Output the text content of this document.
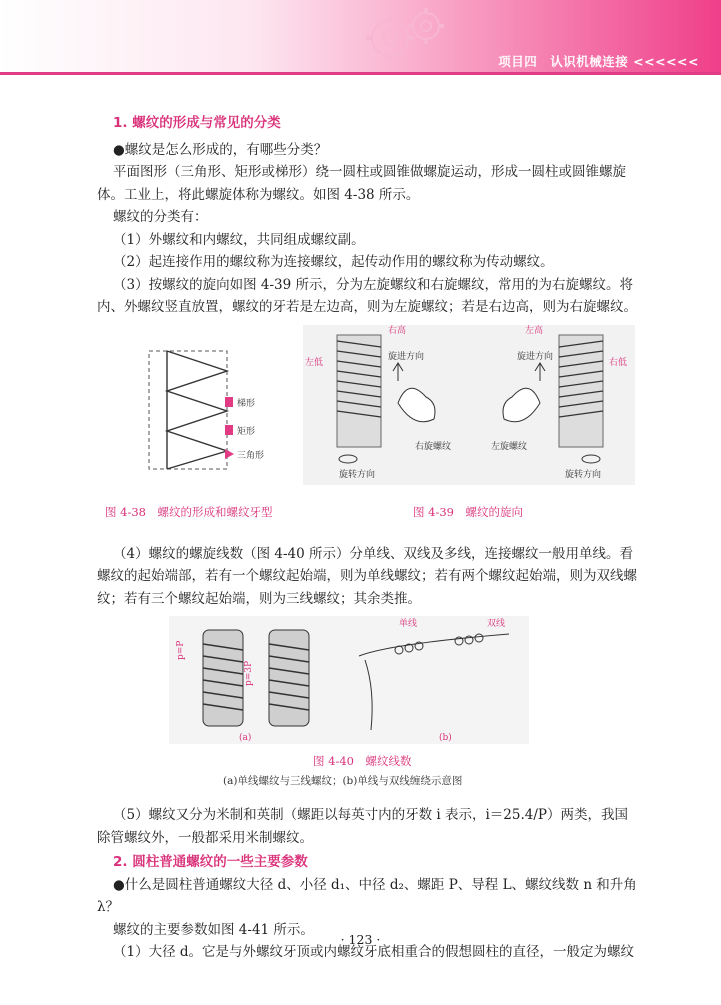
项目四　认识机械连接 <<<<<<

1. 螺纹的形成与常见的分类

●螺纹是怎么形成的，有哪些分类？

平面图形（三角形、矩形或梯形）绕一圆柱或圆锥做螺旋运动，形成一圆柱或圆锥螺旋体。工业上，将此螺旋体称为螺纹。如图 4-38 所示。

螺纹的分类有：

（1）外螺纹和内螺纹，共同组成螺纹副。

（2）起连接作用的螺纹称为连接螺纹，起传动作用的螺纹称为传动螺纹。

（3）按螺纹的旋向如图 4-39 所示，分为左旋螺纹和右旋螺纹，常用的为右旋螺纹。将内、外螺纹竖直放置，螺纹的牙若是左边高，则为左旋螺纹；若是右边高，则为右旋螺纹。

梯形
矩形
三角形
右高
左低
旋进方向
右旋螺纹
旋转方向
左高
旋进方向
右低
左旋螺纹
旋转方向
图 4-38　螺纹的形成和螺纹牙型	图 4-39　螺纹的旋向

（4）螺纹的螺旋线数（图 4-40 所示）分单线、双线及多线，连接螺纹一般用单线。看螺纹的起始端部，若有一个螺纹起始端，则为单线螺纹；若有两个螺纹起始端，则为双线螺纹；若有三个螺纹起始端，则为三线螺纹；其余类推。

p=P
p=3P
单线	双线
(a)	(b)
图 4-40　螺纹线数
(a)单线螺纹与三线螺纹；(b)单线与双线缠绕示意图

（5）螺纹又分为米制和英制（螺距以每英寸内的牙数 i 表示，i＝25.4/P）两类，我国除管螺纹外，一般都采用米制螺纹。

2. 圆柱普通螺纹的一些主要参数

●什么是圆柱普通螺纹大径 d、小径 d₁、中径 d₂、螺距 P、导程 L、螺纹线数 n 和升角λ？

螺纹的主要参数如图 4-41 所示。

（1）大径 d。它是与外螺纹牙顶或内螺纹牙底相重合的假想圆柱的直径，一般定为螺纹

· 123 ·
